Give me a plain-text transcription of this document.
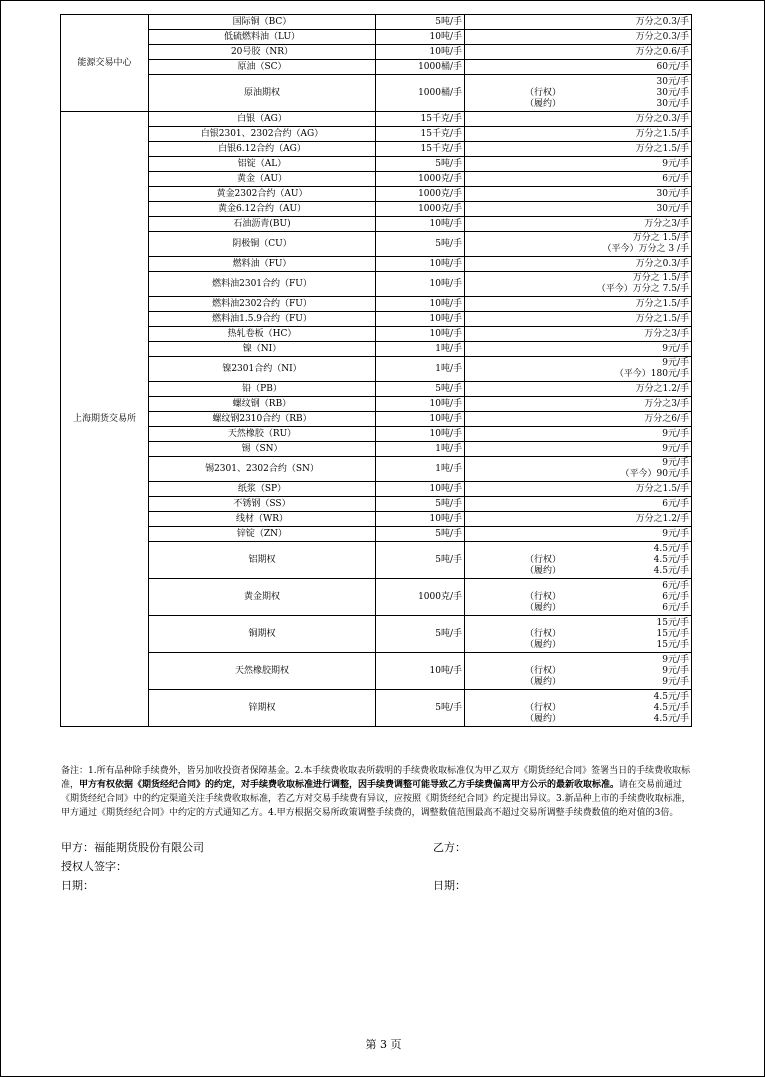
能源交易中心	国际铜（BC）	5吨/手	万分之0.3/手

	低硫燃料油（LU）	10吨/手	万分之0.3/手

	20号胶（NR）	10吨/手	万分之0.6/手

	原油（SC）	1000桶/手	60元/手

	原油期权	1000桶/手	30元/手
（行权） 30元/手
（履约） 30元/手

上海期货交易所	白银（AG）	15千克/手	万分之0.3/手

	白银2301、2302合约（AG）	15千克/手	万分之1.5/手

	白银6.12合约（AG）	15千克/手	万分之1.5/手

	铝锭（AL）	5吨/手	9元/手

	黄金（AU）	1000克/手	6元/手

	黄金2302合约（AU）	1000克/手	30元/手

	黄金6.12合约（AU）	1000克/手	30元/手

	石油沥青(BU)	10吨/手	万分之3/手

	阴极铜（CU）	5吨/手	万分之 1.5/手
（平今）万分之 3 /手

	燃料油（FU）	10吨/手	万分之0.3/手

	燃料油2301合约（FU）	10吨/手	万分之 1.5/手
（平今）万分之 7.5/手

	燃料油2302合约（FU）	10吨/手	万分之1.5/手

	燃料油1.5.9合约（FU）	10吨/手	万分之1.5/手

	热轧卷板（HC）	10吨/手	万分之3/手

	镍（NI）	1吨/手	9元/手

	镍2301合约（NI）	1吨/手	9元/手
（平今）180元/手

	铅（PB）	5吨/手	万分之1.2/手

	螺纹钢（RB）	10吨/手	万分之3/手

	螺纹钢2310合约（RB）	10吨/手	万分之6/手

	天然橡胶（RU）	10吨/手	9元/手

	锡（SN）	1吨/手	9元/手

	锡2301、2302合约（SN）	1吨/手	9元/手
（平今）90元/手

	纸浆（SP）	10吨/手	万分之1.5/手

	不锈钢（SS）	5吨/手	6元/手

	线材（WR）	10吨/手	万分之1.2/手

	锌锭（ZN）	5吨/手	9元/手

	铝期权	5吨/手	4.5元/手
（行权） 4.5元/手
（履约） 4.5元/手

	黄金期权	1000克/手	6元/手
（行权） 6元/手
（履约） 6元/手

	铜期权	5吨/手	15元/手
（行权） 15元/手
（履约） 15元/手

	天然橡胶期权	10吨/手	9元/手
（行权） 9元/手
（履约） 9元/手

	锌期权	5吨/手	4.5元/手
（行权） 4.5元/手
（履约） 4.5元/手
备注：1.所有品种除手续费外，皆另加收投资者保障基金。2.本手续费收取表所载明的手续费收取标准仅为甲乙双方《期货经纪合同》签署当日的手续费收取标准，甲方有权依据《期货经纪合同》的约定，对手续费收取标准进行调整，因手续费调整可能导致乙方手续费偏离甲方公示的最新收取标准。请在交易前通过《期货经纪合同》中的约定渠道关注手续费收取标准，若乙方对交易手续费有异议，应按照《期货经纪合同》约定提出异议。3.新品种上市的手续费收取标准，甲方通过《期货经纪合同》中约定的方式通知乙方。4.甲方根据交易所政策调整手续费的，调整数值范围最高不超过交易所调整手续费数值的绝对值的3倍。
甲方：福能期货股份有限公司	乙方：
授权人签字：
日期：	日期：
第 3 页
